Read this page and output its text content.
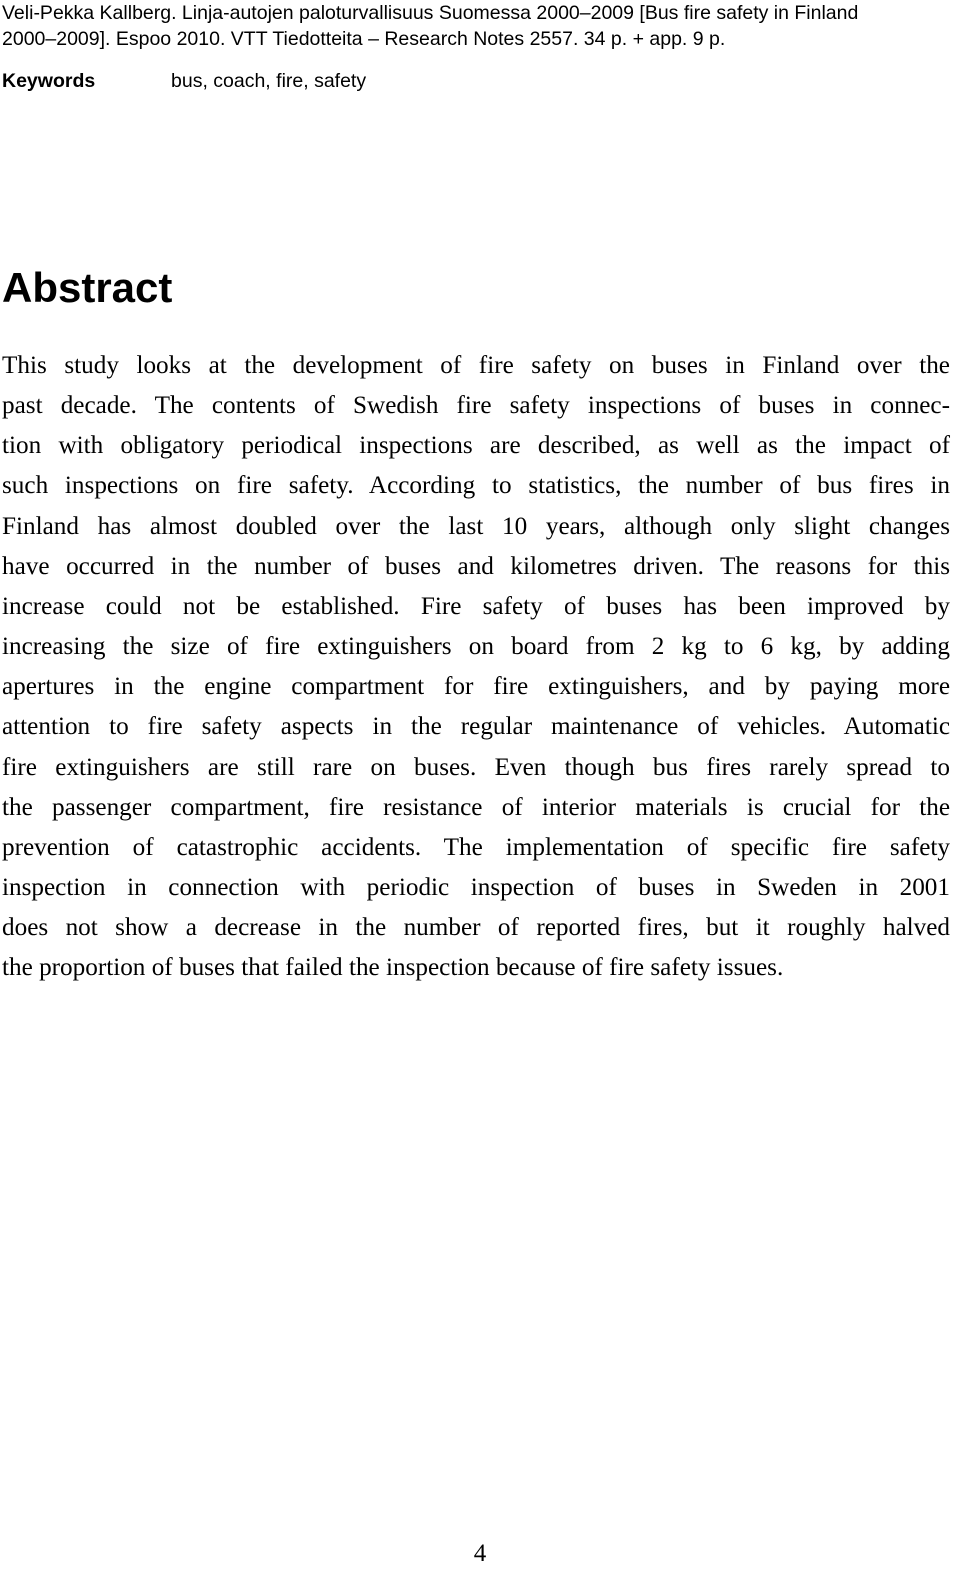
Veli-Pekka Kallberg. Linja-autojen paloturvallisuus Suomessa 2000–2009 [Bus fire safety in Finland
2000–2009]. Espoo 2010. VTT Tiedotteita – Research Notes 2557. 34 p. + app. 9 p.
Keywords	bus, coach, fire, safety
Abstract
This study looks at the development of fire safety on buses in Finland over the
past decade. The contents of Swedish fire safety inspections of buses in connec-
tion with obligatory periodical inspections are described, as well as the impact of
such inspections on fire safety. According to statistics, the number of bus fires in
Finland has almost doubled over the last 10 years, although only slight changes
have occurred in the number of buses and kilometres driven. The reasons for this
increase could not be established. Fire safety of buses has been improved by
increasing the size of fire extinguishers on board from 2 kg to 6 kg, by adding
apertures in the engine compartment for fire extinguishers, and by paying more
attention to fire safety aspects in the regular maintenance of vehicles. Automatic
fire extinguishers are still rare on buses. Even though bus fires rarely spread to
the passenger compartment, fire resistance of interior materials is crucial for the
prevention of catastrophic accidents. The implementation of specific fire safety
inspection in connection with periodic inspection of buses in Sweden in 2001
does not show a decrease in the number of reported fires, but it roughly halved
the proportion of buses that failed the inspection because of fire safety issues.
4
